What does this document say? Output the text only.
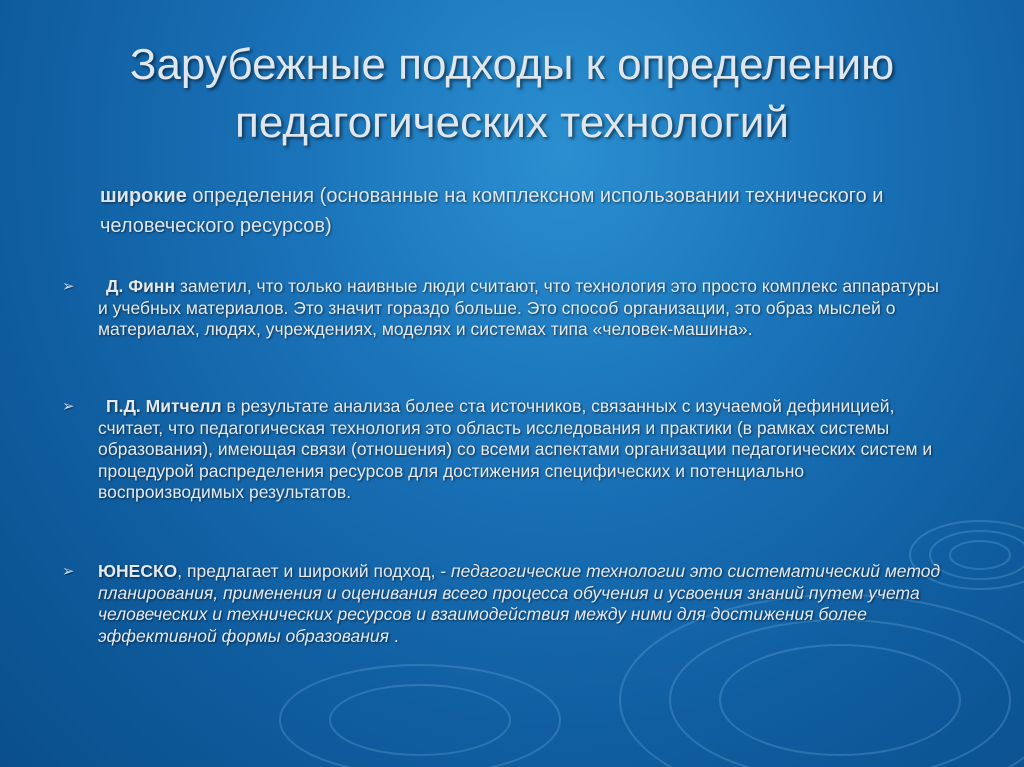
Зарубежные подходы к определению
педагогических технологий
широкие определения (основанные на комплексном использовании технического и человеческого ресурсов)
➢	Д. Финн заметил, что только наивные люди считают, что технология это просто комплекс аппаратуры и учебных материалов. Это значит гораздо больше. Это способ организации, это образ мыслей о материалах, людях, учреждениях, моделях и системах типа «человек-машина».
➢	П.Д. Митчелл в результате анализа более ста источников, связанных с изучаемой дефиницией, считает, что педагогическая технология это область исследования и практики (в рамках системы образования), имеющая связи (отношения) со всеми аспектами организации педагогических систем и процедурой распределения ресурсов для достижения специфических и потенциально воспроизводимых результатов.
➢ ЮНЕСКО, предлагает и широкий подход, - педагогические технологии это систематический метод планирования, применения и оценивания всего процесса обучения и усвоения знаний путем учета человеческих и технических ресурсов и взаимодействия между ними для достижения более эффективной формы образования .
